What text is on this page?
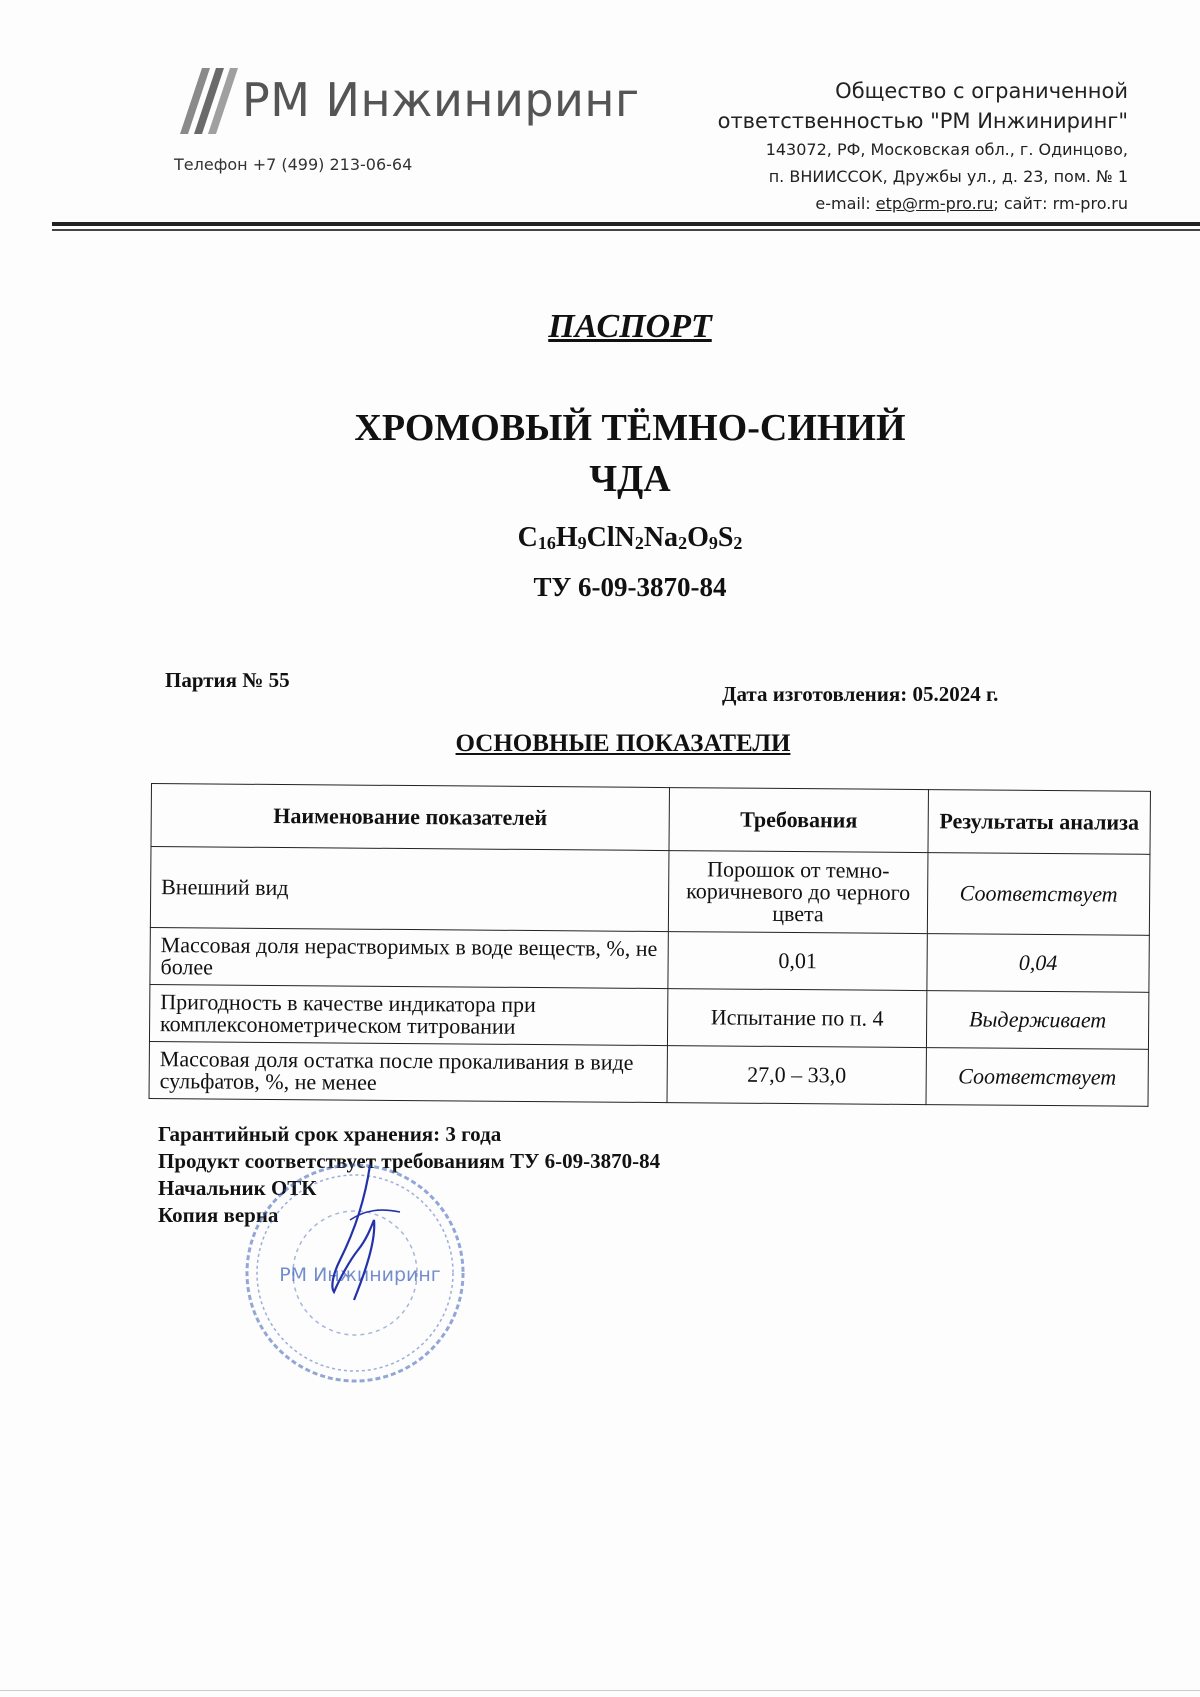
РМ Инжиниринг
Телефон +7 (499) 213-06-64
Общество с ограниченной
ответственностью "РМ Инжиниринг"
143072, РФ, Московская обл., г. Одинцово,
п. ВНИИССОК, Дружбы ул., д. 23, пом. № 1
e-mail: etp@rm-pro.ru; сайт: rm-pro.ru
ПАСПОРТ
ХРОМОВЫЙ ТЁМНО-СИНИЙ
ЧДА
$C_{16}H_9ClN_2Na_2O_9S_2$
ТУ 6-09-3870-84
Партия № 55
Дата изготовления: 05.2024 г.
ОСНОВНЫЕ ПОКАЗАТЕЛИ
Наименование показателей	Требования	Результаты анализа
Внешний вид	Порошок от темно-коричневого до черного цвета	Соответствует
Массовая доля нерастворимых в воде веществ, %, не более	0,01	0,04
Пригодность в качестве индикатора при комплексонометрическом титровании	Испытание по п. 4	Выдерживает
Массовая доля остатка после прокаливания в виде сульфатов, %, не менее	27,0 – 33,0	Соответствует
Гарантийный срок хранения: 3 года
Продукт соответствует требованиям ТУ 6-09-3870-84
Начальник ОТК
Копия верна
РМ Инжиниринг
